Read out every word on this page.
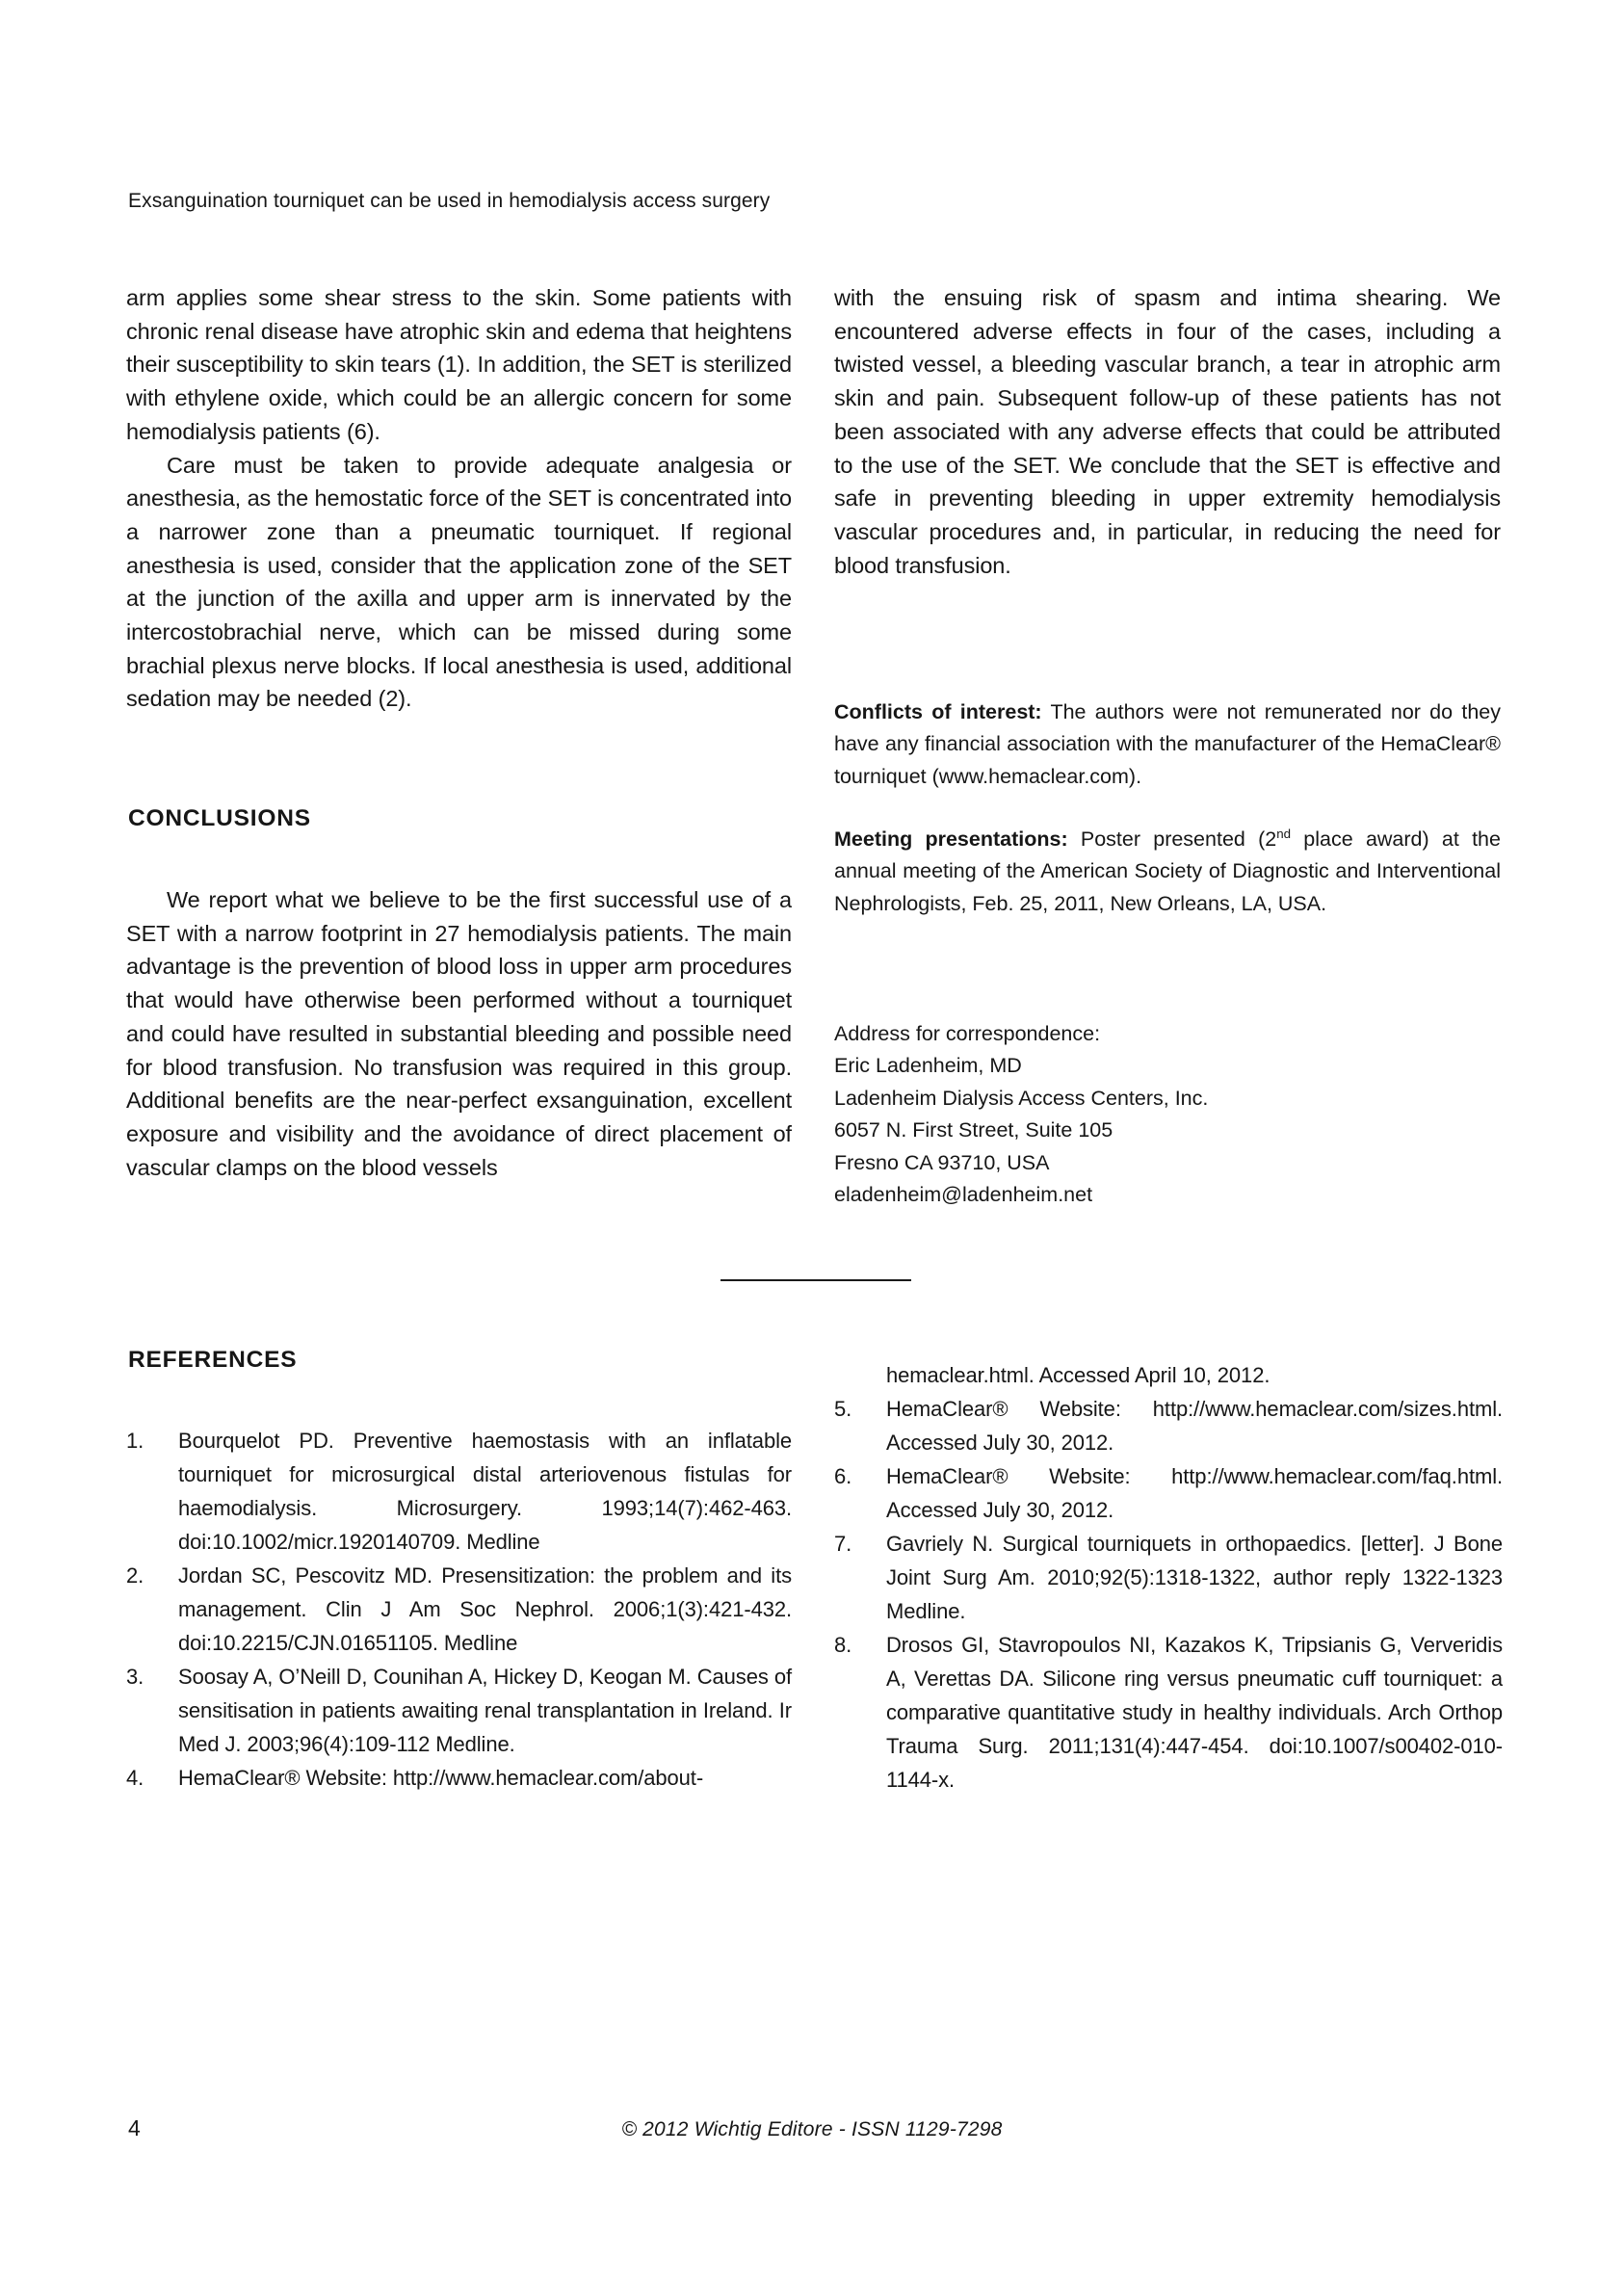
Exsanguination tourniquet can be used in hemodialysis access surgery

arm applies some shear stress to the skin. Some patients with chronic renal disease have atrophic skin and edema that heightens their susceptibility to skin tears (1). In addition, the SET is sterilized with ethylene oxide, which could be an allergic concern for some hemodialysis patients (6).

Care must be taken to provide adequate analgesia or anesthesia, as the hemostatic force of the SET is concentrated into a narrower zone than a pneumatic tourniquet. If regional anesthesia is used, consider that the application zone of the SET at the junction of the axilla and upper arm is innervated by the intercostobrachial nerve, which can be missed during some brachial plexus nerve blocks. If local anesthesia is used, additional sedation may be needed (2).

CONCLUSIONS

We report what we believe to be the first successful use of a SET with a narrow footprint in 27 hemodialysis patients. The main advantage is the prevention of blood loss in upper arm procedures that would have otherwise been performed without a tourniquet and could have resulted in substantial bleeding and possible need for blood transfusion. No transfusion was required in this group. Additional benefits are the near-perfect exsanguination, excellent exposure and visibility and the avoidance of direct placement of vascular clamps on the blood vessels

with the ensuing risk of spasm and intima shearing. We encountered adverse effects in four of the cases, including a twisted vessel, a bleeding vascular branch, a tear in atrophic arm skin and pain. Subsequent follow-up of these patients has not been associated with any adverse effects that could be attributed to the use of the SET. We conclude that the SET is effective and safe in preventing bleeding in upper extremity hemodialysis vascular procedures and, in particular, in reducing the need for blood transfusion.

Conflicts of interest: The authors were not remunerated nor do they have any financial association with the manufacturer of the HemaClear® tourniquet (www.hemaclear.com).

Meeting presentations: Poster presented (2nd place award) at the annual meeting of the American Society of Diagnostic and Interventional Nephrologists, Feb. 25, 2011, New Orleans, LA, USA.

Address for correspondence:
Eric Ladenheim, MD
Ladenheim Dialysis Access Centers, Inc.
6057 N. First Street, Suite 105
Fresno CA 93710, USA
eladenheim@ladenheim.net
REFERENCES

1.	Bourquelot PD. Preventive haemostasis with an inflatable tourniquet for microsurgical distal arteriovenous fistulas for haemodialysis. Microsurgery. 1993;14(7):462-463. doi:10.1002/micr.1920140709. Medline

2.	Jordan SC, Pescovitz MD. Presensitization: the problem and its management. Clin J Am Soc Nephrol. 2006;1(3):421-432. doi:10.2215/CJN.01651105. Medline

3.	Soosay A, O’Neill D, Counihan A, Hickey D, Keogan M. Causes of sensitisation in patients awaiting renal transplantation in Ireland. Ir Med J. 2003;96(4):109-112 Medline.

4.	HemaClear® Website: http://www.hemaclear.com/about-

hemaclear.html. Accessed April 10, 2012.

5.	HemaClear® Website: http://www.hemaclear.com/sizes.html. Accessed July 30, 2012.

6.	HemaClear® Website: http://www.hemaclear.com/faq.html. Accessed July 30, 2012.

7.	Gavriely N. Surgical tourniquets in orthopaedics. [letter]. J Bone Joint Surg Am. 2010;92(5):1318-1322, author reply 1322-1323 Medline.

8.	Drosos GI, Stavropoulos NI, Kazakos K, Tripsianis G, Ververidis A, Verettas DA. Silicone ring versus pneumatic cuff tourniquet: a comparative quantitative study in healthy individuals. Arch Orthop Trauma Surg. 2011;131(4):447-454. doi:10.1007/s00402-010-1144-x.

4	© 2012 Wichtig Editore - ISSN 1129-7298
